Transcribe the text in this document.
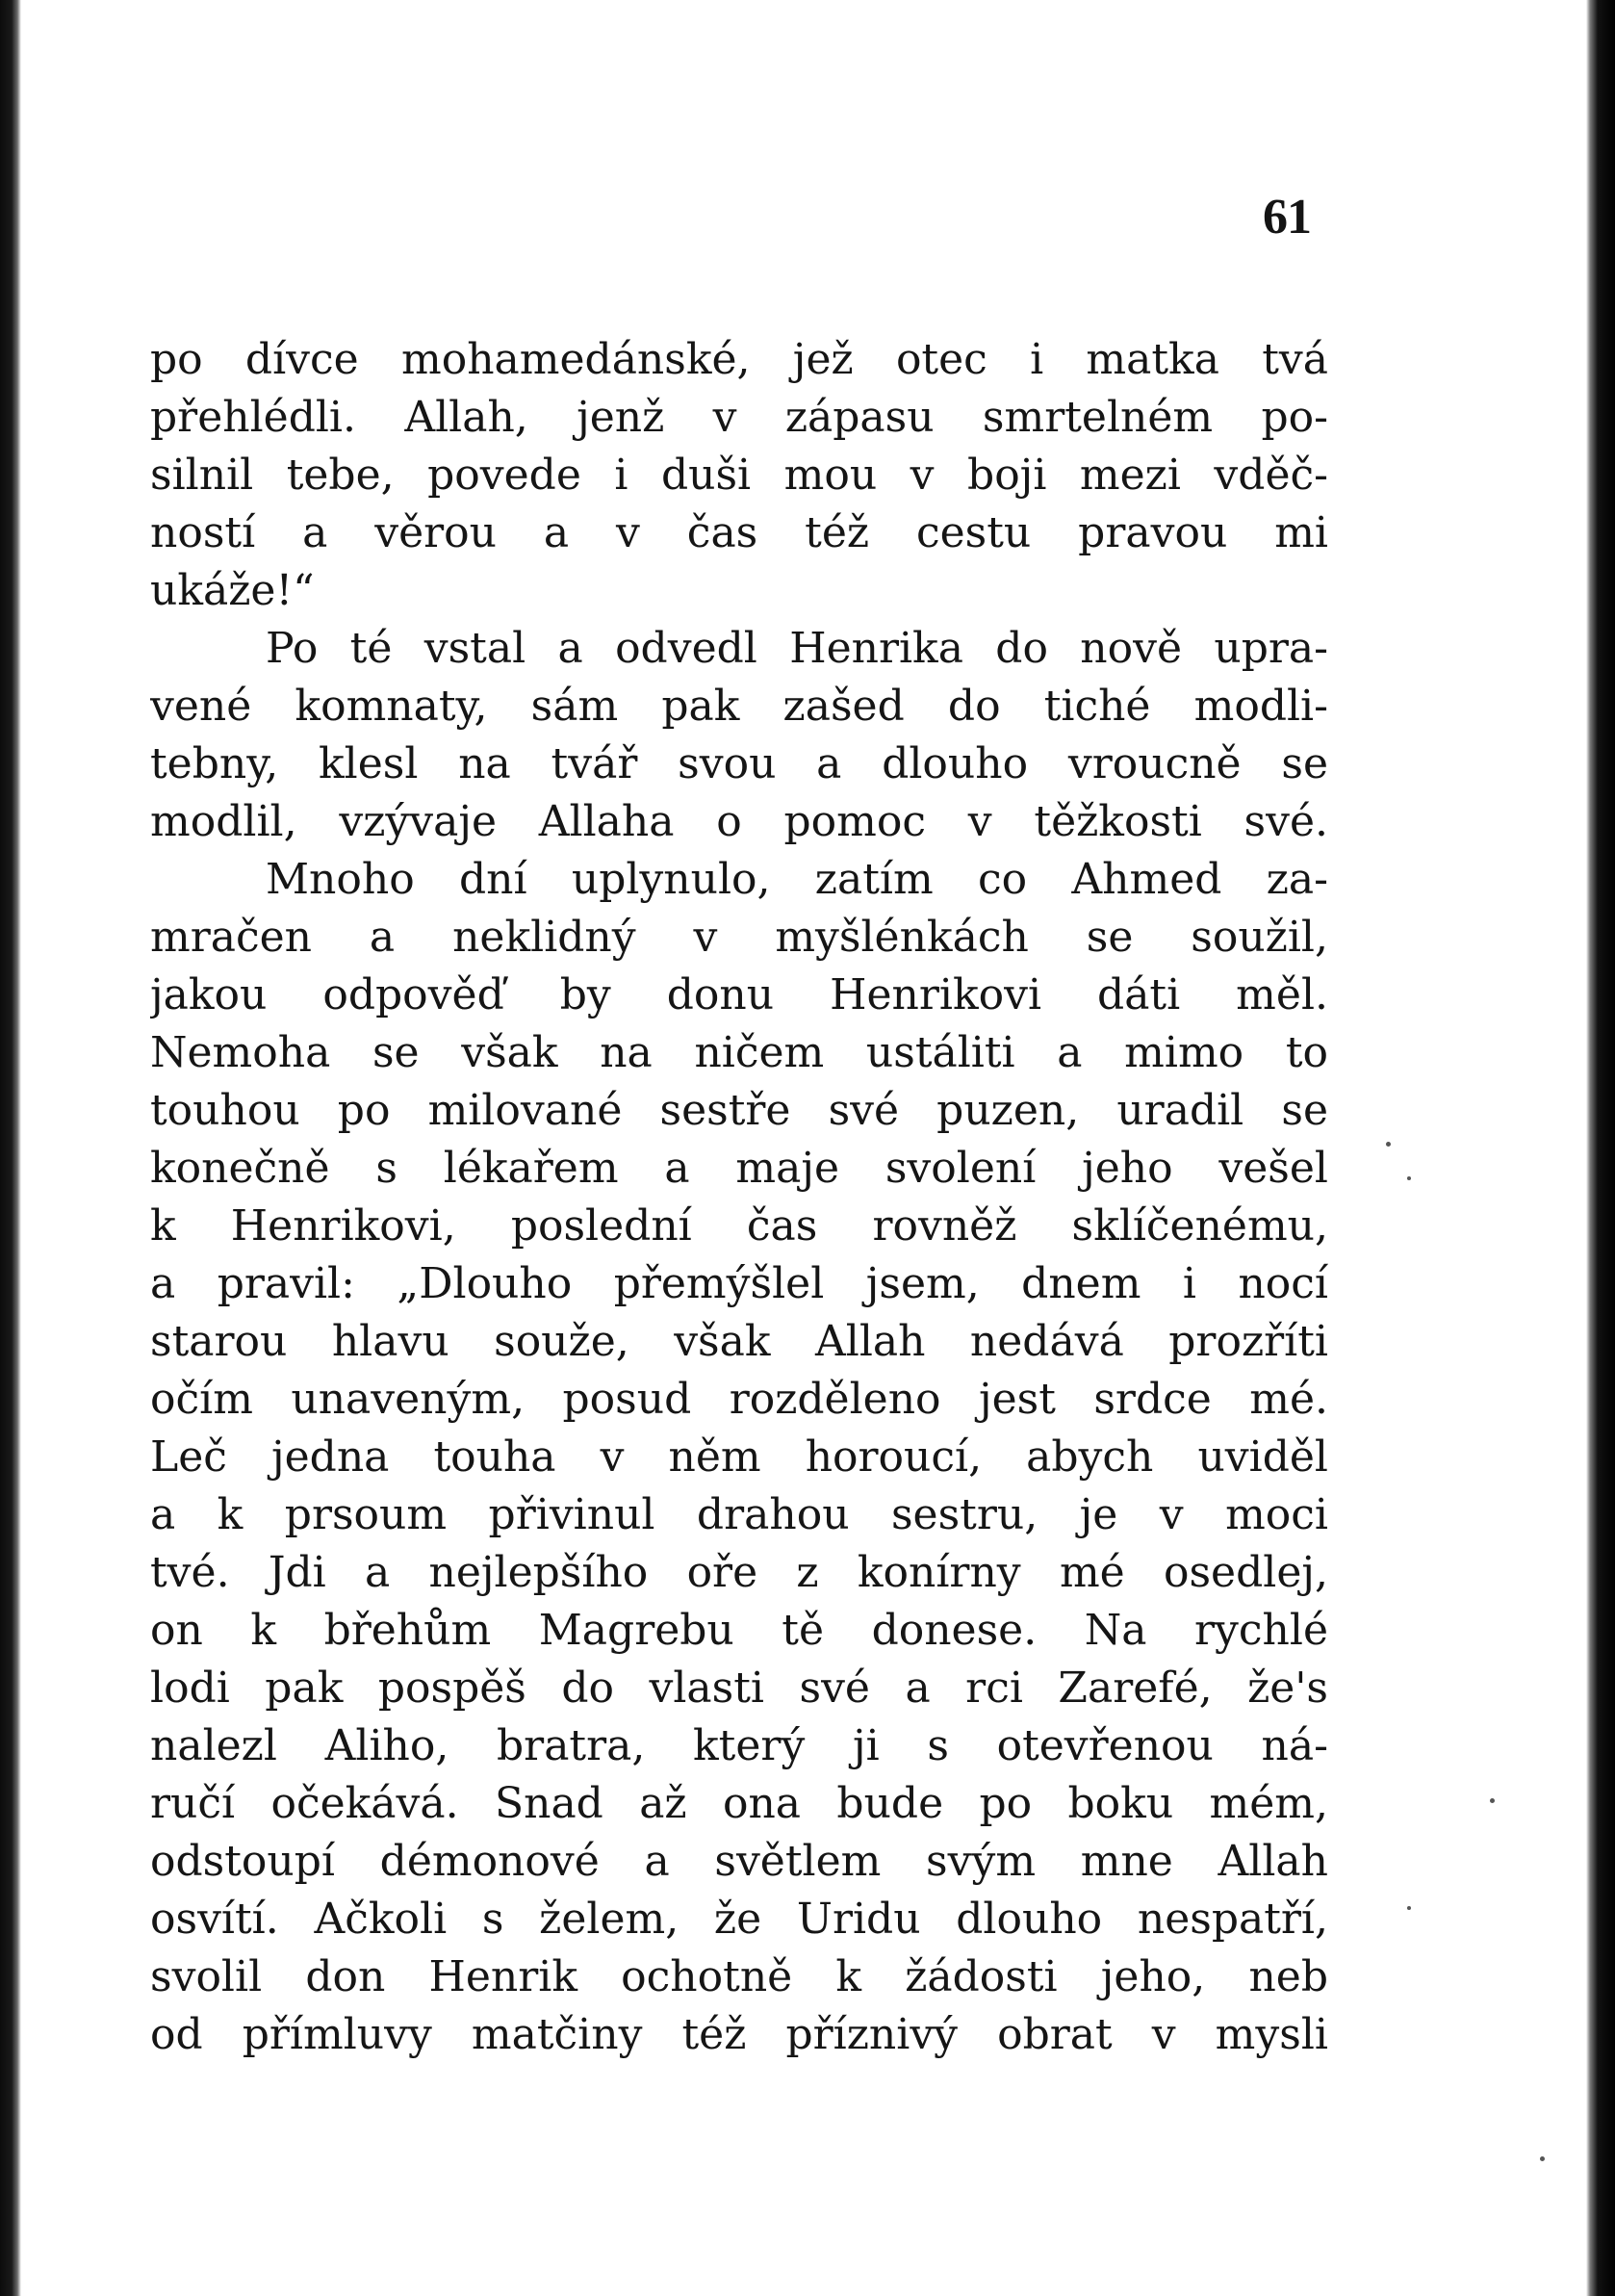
61
po dívce mohamedánské, jež otec i matka tvá
přehlédli. Allah, jenž v zápasu smrtelném po-
silnil tebe, povede i duši mou v boji mezi vděč-
ností a věrou a v čas též cestu pravou mi
ukáže!“
Po té vstal a odvedl Henrika do nově upra-
vené komnaty, sám pak zašed do tiché modli-
tebny, klesl na tvář svou a dlouho vroucně se
modlil, vzývaje Allaha o pomoc v těžkosti své.
Mnoho dní uplynulo, zatím co Ahmed za-
mračen a neklidný v myšlénkách se soužil,
jakou odpověď by donu Henrikovi dáti měl.
Nemoha se však na ničem ustáliti a mimo to
touhou po milované sestře své puzen, uradil se
konečně s lékařem a maje svolení jeho vešel
k Henrikovi, poslední čas rovněž sklíčenému,
a pravil: „Dlouho přemýšlel jsem, dnem i nocí
starou hlavu souže, však Allah nedává prozříti
očím unaveným, posud rozděleno jest srdce mé.
Leč jedna touha v něm horoucí, abych uviděl
a k prsoum přivinul drahou sestru, je v moci
tvé. Jdi a nejlepšího oře z konírny mé osedlej,
on k břehům Magrebu tě donese. Na rychlé
lodi pak pospěš do vlasti své a rci Zarefé, že's
nalezl Aliho, bratra, který ji s otevřenou ná-
ručí očekává. Snad až ona bude po boku mém,
odstoupí démonové a světlem svým mne Allah
osvítí. Ačkoli s želem, že Uridu dlouho nespatří,
svolil don Henrik ochotně k žádosti jeho, neb
od přímluvy matčiny též příznivý obrat v mysli
